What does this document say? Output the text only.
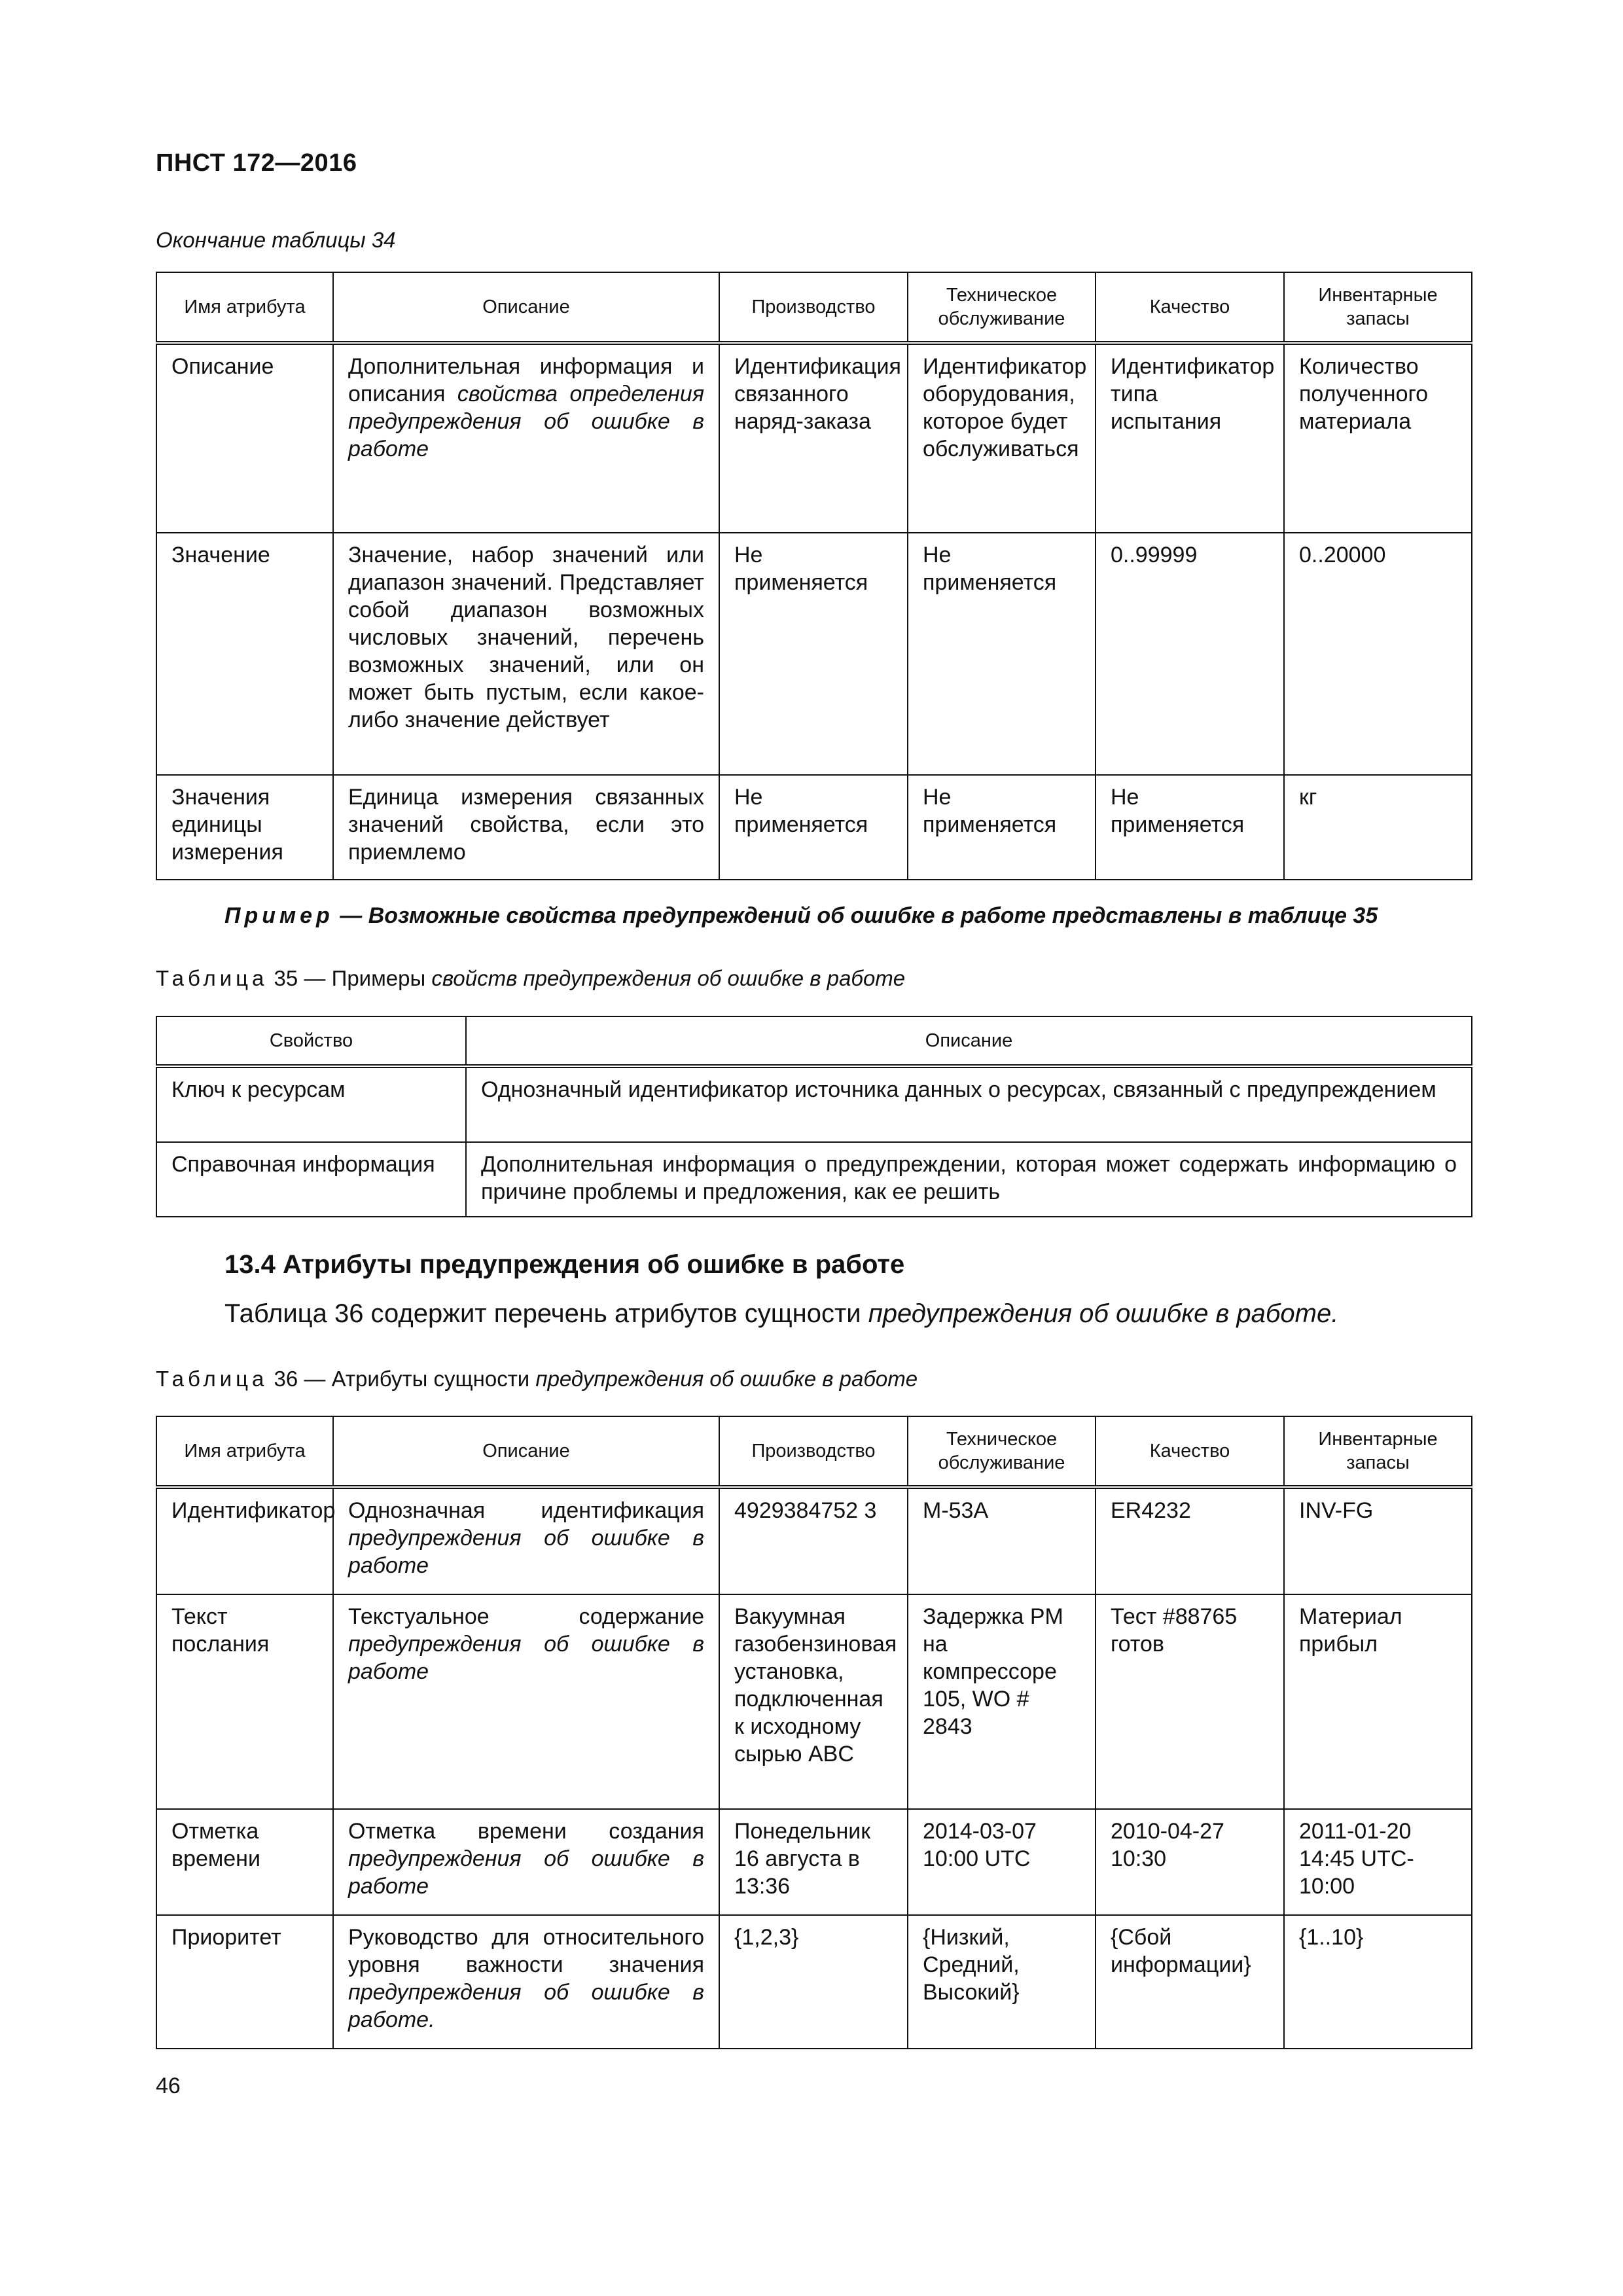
ПНСТ 172—2016
Окончание таблицы 34
Имя атрибута	Описание	Производство	Техническое обслуживание	Качество	Инвентарные запасы
Описание	Дополнительная информация и описания свойства определения предупреждения об ошибке в работе	Идентификация связанного наряд-заказа	Идентификатор оборудования, которое будет обслуживаться	Идентификатор типа испытания	Количество полученного материала
Значение	Значение, набор значений или диапазон значений. Представляет собой диапазон возможных числовых значений, перечень возможных значений, или он может быть пустым, если какое-либо значение действует	Не применяется	Не применяется	0..99999	0..20000
Значения единицы измерения	Единица измерения связанных значений свойства, если это приемлемо	Не применяется	Не применяется	Не применяется	кг
Пример — Возможные свойства предупреждений об ошибке в работе представлены в таблице 35
Таблица 35 — Примеры свойств предупреждения об ошибке в работе
Свойство	Описание
Ключ к ресурсам	Однозначный идентификатор источника данных о ресурсах, связанный с предупреждением
Справочная информация	Дополнительная информация о предупреждении, которая может содержать информацию о причине проблемы и предложения, как ее решить
13.4 Атрибуты предупреждения об ошибке в работе
Таблица 36 содержит перечень атрибутов сущности предупреждения об ошибке в работе.
Таблица 36 — Атрибуты сущности предупреждения об ошибке в работе
Имя атрибута	Описание	Производство	Техническое обслуживание	Качество	Инвентарные запасы
Идентификатор	Однозначная идентификация предупреждения об ошибке в работе	4929384752 3	M-53A	ER4232	INV-FG
Текст послания	Текстуальное содержание предупреждения об ошибке в работе	Вакуумная газобензиновая установка, подключенная к исходному сырью ABC	Задержка PM на компрессоре 105, WO # 2843	Тест #88765 готов	Материал прибыл
Отметка времени	Отметка времени создания предупреждения об ошибке в работе	Понедельник 16 августа в 13:36	2014-03-07 10:00 UTC	2010-04-27 10:30	2011-01-20 14:45 UTC-10:00
Приоритет	Руководство для относительного уровня важности значения предупреждения об ошибке в работе.	{1,2,3}	{Низкий, Средний, Высокий}	{Сбой информации}	{1..10}
46
